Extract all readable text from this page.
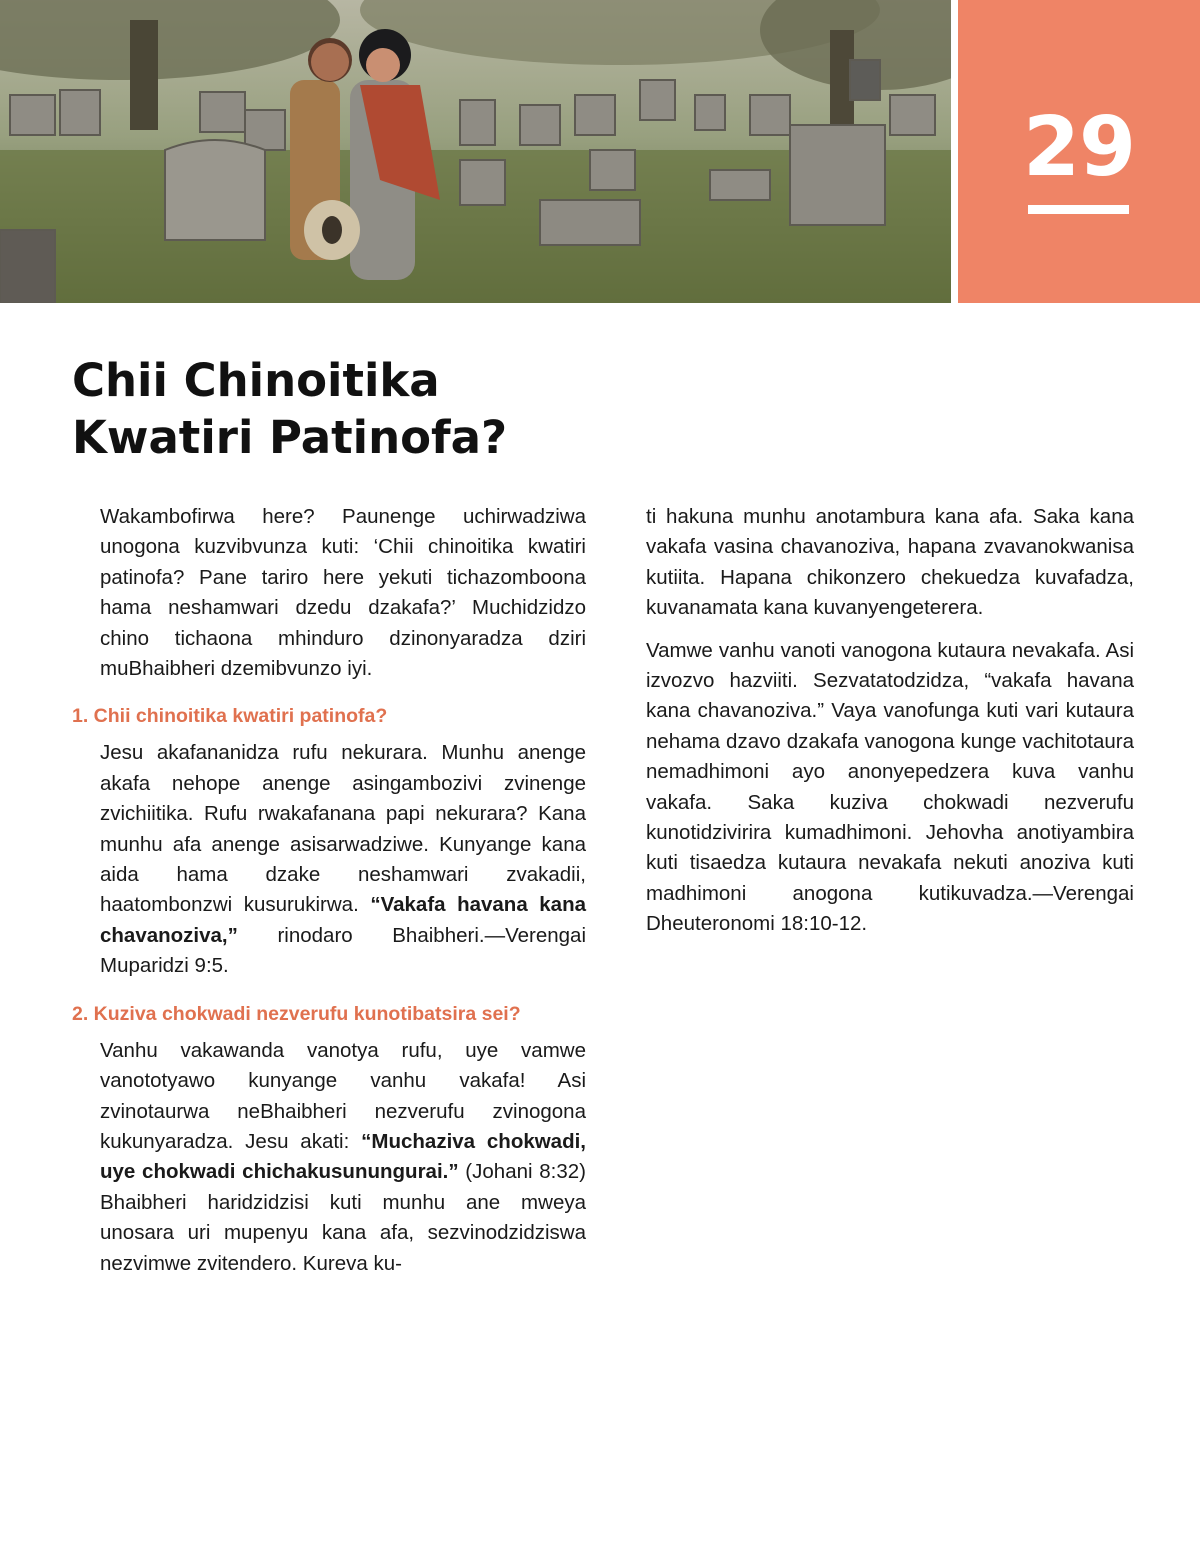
29
Chii Chinoitika
Kwatiri Patinofa?

Wakambofirwa here? Paunenge uchirwadziwa unogona kuzvibvunza kuti: ‘Chii chinoitika kwatiri patinofa? Pane tariro here yekuti tichazomboona hama neshamwari dzedu dzakafa?’ Muchidzidzo chino tichaona mhinduro dzinonyaradza dziri muBhaibheri dzemibvunzo iyi.

1. Chii chinoitika kwatiri patinofa?

Jesu akafananidza rufu nekurara. Munhu anenge akafa nehope anenge asingambozivi zvinenge zvichiitika. Rufu rwakafanana papi nekurara? Kana munhu afa anenge asisarwadziwe. Kunyange kana aida hama dzake neshamwari zvakadii, haatombonzwi kusurukirwa. “Vakafa havana kana chavanoziva,” rinodaro Bhaibheri.—Verengai Muparidzi 9:5.

2. Kuziva chokwadi nezverufu kunotibatsira sei?

Vanhu vakawanda vanotya rufu, uye vamwe vanototyawo kunyange vanhu vakafa! Asi zvinotaurwa neBhaibheri nezverufu zvinogona kukunyaradza. Jesu akati: “Muchaziva chokwadi, uye chokwadi chichakusunungurai.” (Johani 8:32) Bhaibheri haridzidzisi kuti munhu ane mweya unosara uri mupenyu kana afa, sezvinodzidziswa nezvimwe zvitendero. Kureva ku-

ti hakuna munhu anotambura kana afa. Saka kana vakafa vasina chavanoziva, hapana zvavanokwanisa kutiita. Hapana chikonzero chekuedza kuvafadza, kuvanamata kana kuvanyengeterera.

Vamwe vanhu vanoti vanogona kutaura nevakafa. Asi izvozvo hazviiti. Sezvatatodzidza, “vakafa havana kana chavanoziva.” Vaya vanofunga kuti vari kutaura nehama dzavo dzakafa vanogona kunge vachitotaura nemadhimoni ayo anonyepedzera kuva vanhu vakafa. Saka kuziva chokwadi nezverufu kunotidzivirira kumadhimoni. Jehovha anotiyambira kuti tisaedza kutaura nevakafa nekuti anoziva kuti madhimoni anogona kutikuvadza.—Verengai Dheuteronomi 18:10-12.
